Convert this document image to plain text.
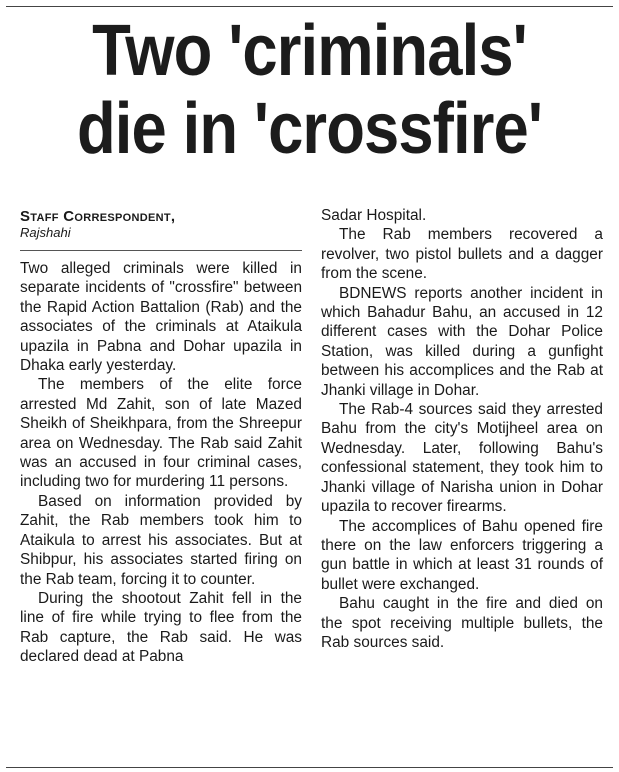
Two 'criminals'
die in 'crossfire'
Staff Correspondent,
Rajshahi

Two alleged criminals were killed in separate incidents of "crossfire" between the Rapid Action Battalion (Rab) and the associates of the criminals at Ataikula upazila in Pabna and Dohar upazila in Dhaka early yesterday.

The members of the elite force arrested Md Zahit, son of late Mazed Sheikh of Sheikhpara, from the Shreepur area on Wednesday. The Rab said Zahit was an accused in four criminal cases, including two for murdering 11 persons.

Based on information provided by Zahit, the Rab members took him to Ataikula to arrest his associates. But at Shibpur, his associates started firing on the Rab team, forcing it to counter.

During the shootout Zahit fell in the line of fire while trying to flee from the Rab capture, the Rab said. He was declared dead at Pabna

Sadar Hospital.

The Rab members recovered a revolver, two pistol bullets and a dagger from the scene.

BDNEWS reports another incident in which Bahadur Bahu, an accused in 12 different cases with the Dohar Police Station, was killed during a gunfight between his accomplices and the Rab at Jhanki village in Dohar.

The Rab-4 sources said they arrested Bahu from the city's Motijheel area on Wednesday. Later, following Bahu's confessional statement, they took him to Jhanki village of Narisha union in Dohar upazila to recover firearms.

The accomplices of Bahu opened fire there on the law enforcers triggering a gun battle in which at least 31 rounds of bullet were exchanged.

Bahu caught in the fire and died on the spot receiving multiple bullets, the Rab sources said.
